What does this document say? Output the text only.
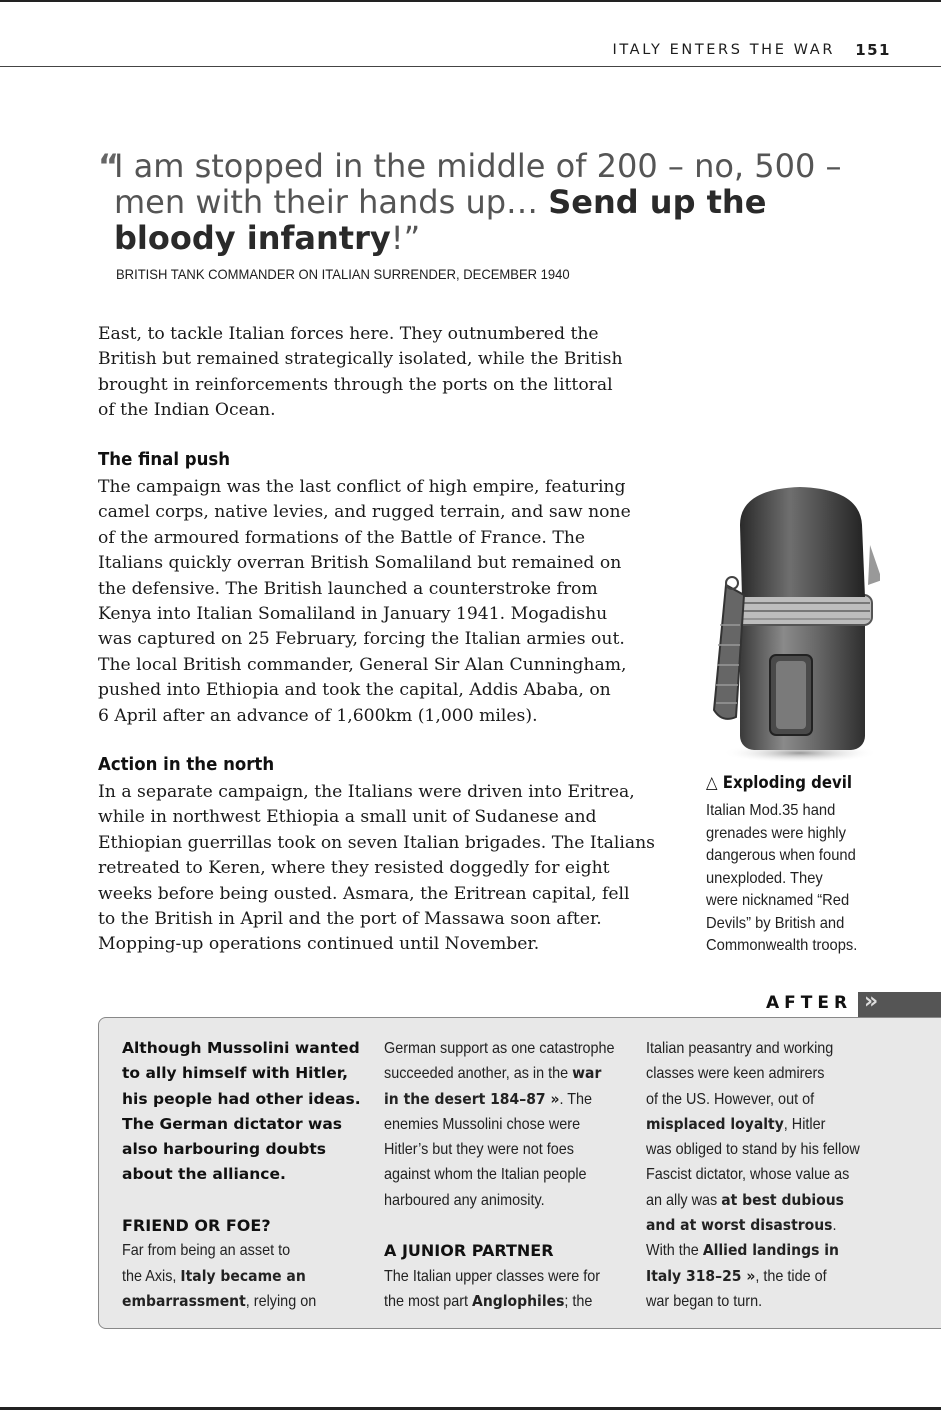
ITALY ENTERS THE WAR 151
“
I am stopped in the middle of 200 – no, 500 –
men with their hands up… Send up the
bloody infantry!”
BRITISH TANK COMMANDER ON ITALIAN SURRENDER, DECEMBER 1940
East, to tackle Italian forces here. They outnumbered the
British but remained strategically isolated, while the British
brought in reinforcements through the ports on the littoral
of the Indian Ocean.
The final push
The campaign was the last conflict of high empire, featuring
camel corps, native levies, and rugged terrain, and saw none
of the armoured formations of the Battle of France. The
Italians quickly overran British Somaliland but remained on
the defensive. The British launched a counterstroke from
Kenya into Italian Somaliland in January 1941. Mogadishu
was captured on 25 February, forcing the Italian armies out.
The local British commander, General Sir Alan Cunningham,
pushed into Ethiopia and took the capital, Addis Ababa, on
6 April after an advance of 1,600km (1,000 miles).
Action in the north
In a separate campaign, the Italians were driven into Eritrea,
while in northwest Ethiopia a small unit of Sudanese and
Ethiopian guerrillas took on seven Italian brigades. The Italians
retreated to Keren, where they resisted doggedly for eight
weeks before being ousted. Asmara, the Eritrean capital, fell
to the British in April and the port of Massawa soon after.
Mopping-up operations continued until November.
△ Exploding devil
Italian Mod.35 hand
grenades were highly
dangerous when found
unexploded. They
were nicknamed “Red
Devils” by British and
Commonwealth troops.
AFTER »
Although Mussolini wanted
to ally himself with Hitler,
his people had other ideas.
The German dictator was
also harbouring doubts
about the alliance.

FRIEND OR FOE?
Far from being an asset to
the Axis, Italy became an
embarrassment, relying on
German support as one catastrophe
succeeded another, as in the war
in the desert 184–87 ». The
enemies Mussolini chose were
Hitler’s but they were not foes
against whom the Italian people
harboured any animosity.

A JUNIOR PARTNER
The Italian upper classes were for
the most part Anglophiles; the
Italian peasantry and working
classes were keen admirers
of the US. However, out of
misplaced loyalty, Hitler
was obliged to stand by his fellow
Fascist dictator, whose value as
an ally was at best dubious
and at worst disastrous.
With the Allied landings in
Italy 318–25 », the tide of
war began to turn.
